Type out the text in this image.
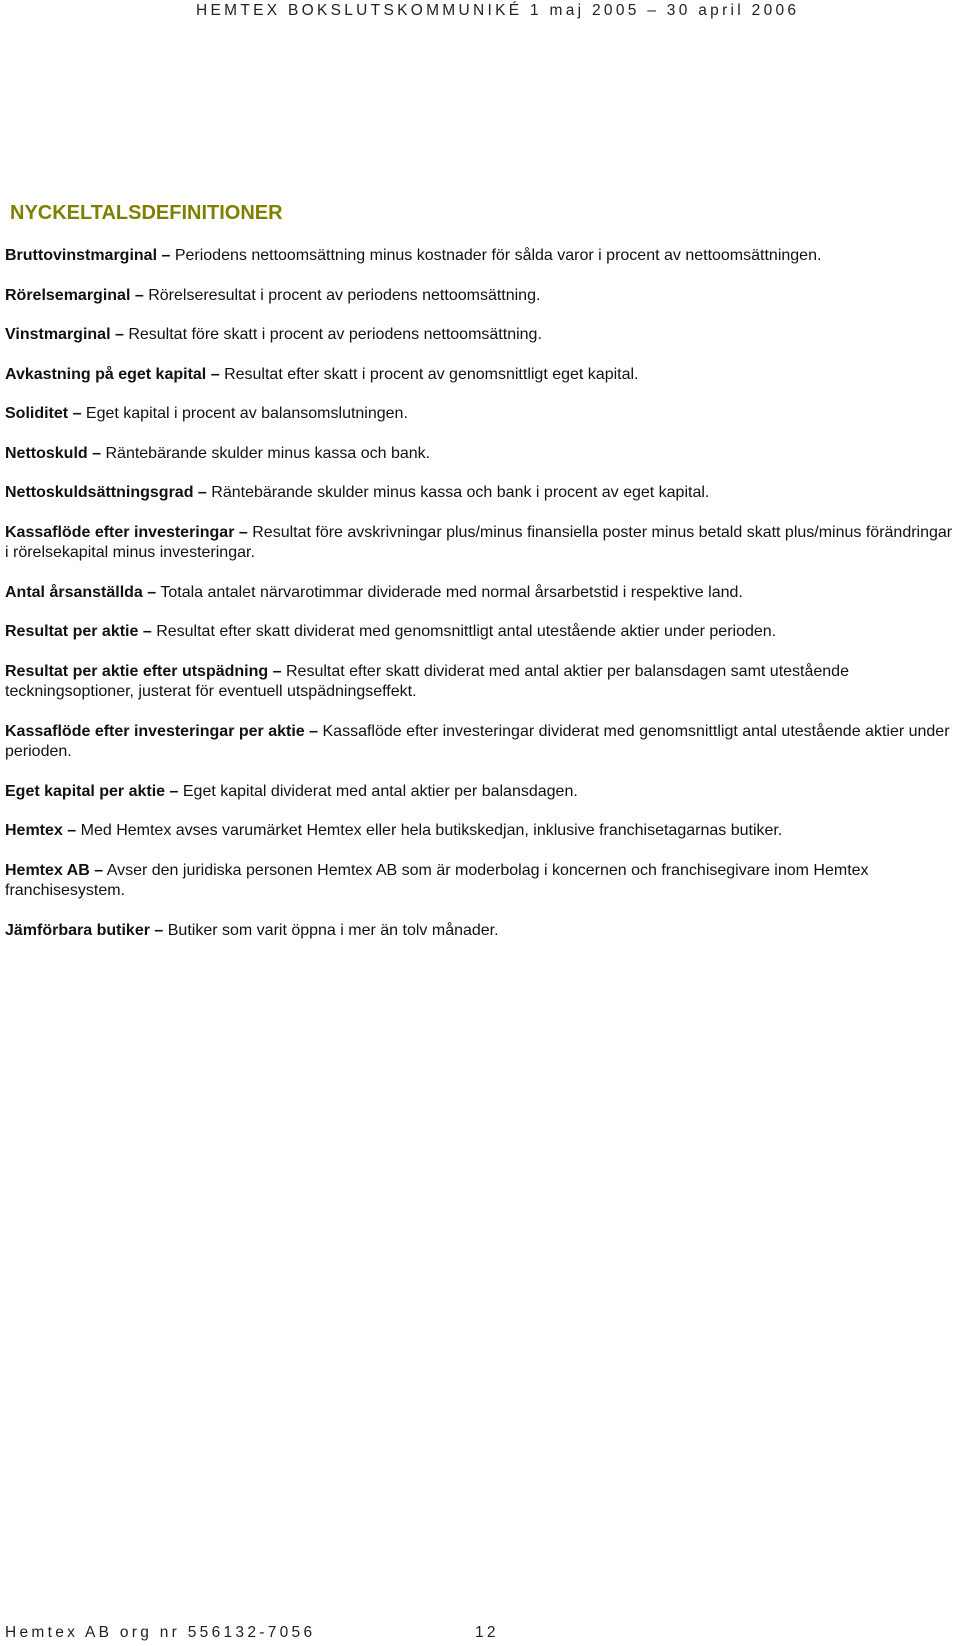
HEMTEX BOKSLUTSKOMMUNIKÉ 1 maj 2005 – 30 april 2006
NYCKELTALSDEFINITIONER

Bruttovinstmarginal – Periodens nettoomsättning minus kostnader för sålda varor i procent av nettoomsättningen.

Rörelsemarginal – Rörelseresultat i procent av periodens nettoomsättning.

Vinstmarginal – Resultat före skatt i procent av periodens nettoomsättning.

Avkastning på eget kapital – Resultat efter skatt i procent av genomsnittligt eget kapital.

Soliditet – Eget kapital i procent av balansomslutningen.

Nettoskuld – Räntebärande skulder minus kassa och bank.

Nettoskuldsättningsgrad – Räntebärande skulder minus kassa och bank i procent av eget kapital.

Kassaflöde efter investeringar – Resultat före avskrivningar plus/minus finansiella poster minus betald skatt plus/minus förändringar i rörelsekapital minus investeringar.

Antal årsanställda – Totala antalet närvarotimmar dividerade med normal årsarbetstid i respektive land.

Resultat per aktie – Resultat efter skatt dividerat med genomsnittligt antal utestående aktier under perioden.

Resultat per aktie efter utspädning – Resultat efter skatt dividerat med antal aktier per balansdagen samt utestående teckningsoptioner, justerat för eventuell utspädningseffekt.

Kassaflöde efter investeringar per aktie – Kassaflöde efter investeringar dividerat med genomsnittligt antal utestående aktier under perioden.

Eget kapital per aktie – Eget kapital dividerat med antal aktier per balansdagen.

Hemtex – Med Hemtex avses varumärket Hemtex eller hela butikskedjan, inklusive franchisetagarnas butiker.

Hemtex AB – Avser den juridiska personen Hemtex AB som är moderbolag i koncernen och franchisegivare inom Hemtex franchisesystem.

Jämförbara butiker – Butiker som varit öppna i mer än tolv månader.

Hemtex AB org nr 556132-7056	12
